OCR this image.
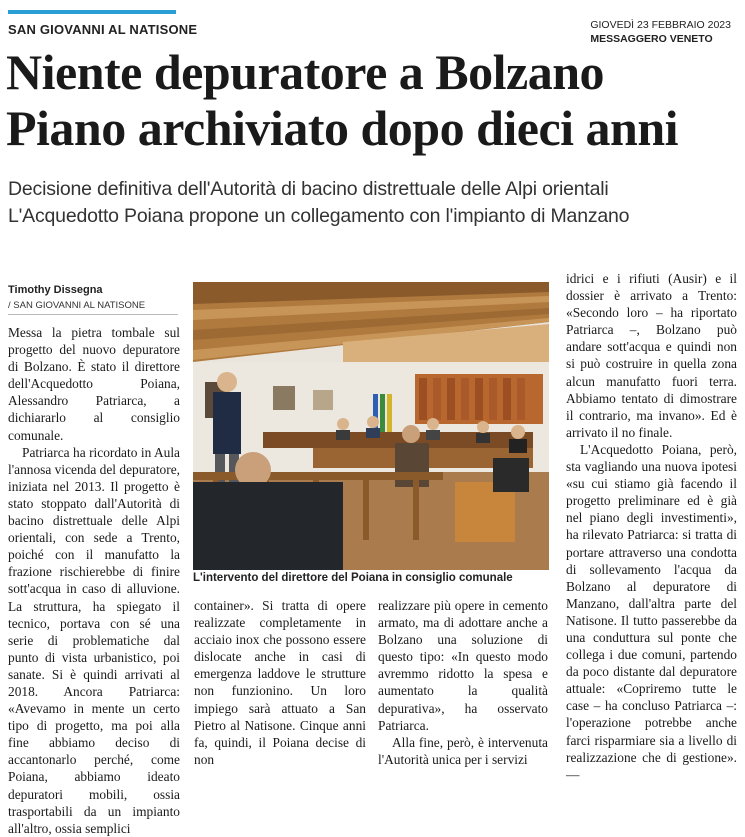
SAN GIOVANNI AL NATISONE	GIOVEDÌ 23 FEBBRAIO 2023
MESSAGGERO VENETO
Niente depuratore a Bolzano
Piano archiviato dopo dieci anni
Decisione definitiva dell'Autorità di bacino distrettuale delle Alpi orientali
L'Acquedotto Poiana propone un collegamento con l'impianto di Manzano
Timothy Dissegna
/ SAN GIOVANNI AL NATISONE

Messa la pietra tombale sul progetto del nuovo depuratore di Bolzano. È stato il direttore dell'Acquedotto Poiana, Alessandro Patriarca, a dichiararlo al consiglio comunale.

Patriarca ha ricordato in Aula l'annosa vicenda del depuratore, iniziata nel 2013. Il progetto è stato stoppato dall'Autorità di bacino distrettuale delle Alpi orientali, con sede a Trento, poiché con il manufatto la frazione rischierebbe di finire sott'acqua in caso di alluvione. La struttura, ha spiegato il tecnico, portava con sé una serie di problematiche dal punto di vista urbanistico, poi sanate. Si è quindi arrivati al 2018. Ancora Patriarca: «Avevamo in mente un certo tipo di progetto, ma poi alla fine abbiamo deciso di accantonarlo perché, come Poiana, abbiamo ideato depuratori mobili, ossia trasportabili da un impianto all'altro, ossia semplici

L'intervento del direttore del Poiana in consiglio comunale

container». Si tratta di opere realizzate completamente in acciaio inox che possono essere dislocate anche in casi di emergenza laddove le strutture non funzionino. Un loro impiego sarà attuato a San Pietro al Natisone. Cinque anni fa, quindi, il Poiana decise di non

realizzare più opere in cemento armato, ma di adottare anche a Bolzano una soluzione di questo tipo: «In questo modo avremmo ridotto la spesa e aumentato la qualità depurativa», ha osservato Patriarca.

Alla fine, però, è intervenuta l'Autorità unica per i servizi

idrici e i rifiuti (Ausir) e il dossier è arrivato a Trento: «Secondo loro – ha riportato Patriarca –, Bolzano può andare sott'acqua e quindi non si può costruire in quella zona alcun manufatto fuori terra. Abbiamo tentato di dimostrare il contrario, ma invano». Ed è arrivato il no finale.

L'Acquedotto Poiana, però, sta vagliando una nuova ipotesi «su cui stiamo già facendo il progetto preliminare ed è già nel piano degli investimenti», ha rilevato Patriarca: si tratta di portare attraverso una condotta di sollevamento l'acqua da Bolzano al depuratore di Manzano, dall'altra parte del Natisone. Il tutto passerebbe da una conduttura sul ponte che collega i due comuni, partendo da poco distante dal depuratore attuale: «Copriremo tutte le case – ha concluso Patriarca –: l'operazione potrebbe anche farci risparmiare sia a livello di realizzazione che di gestione». —
